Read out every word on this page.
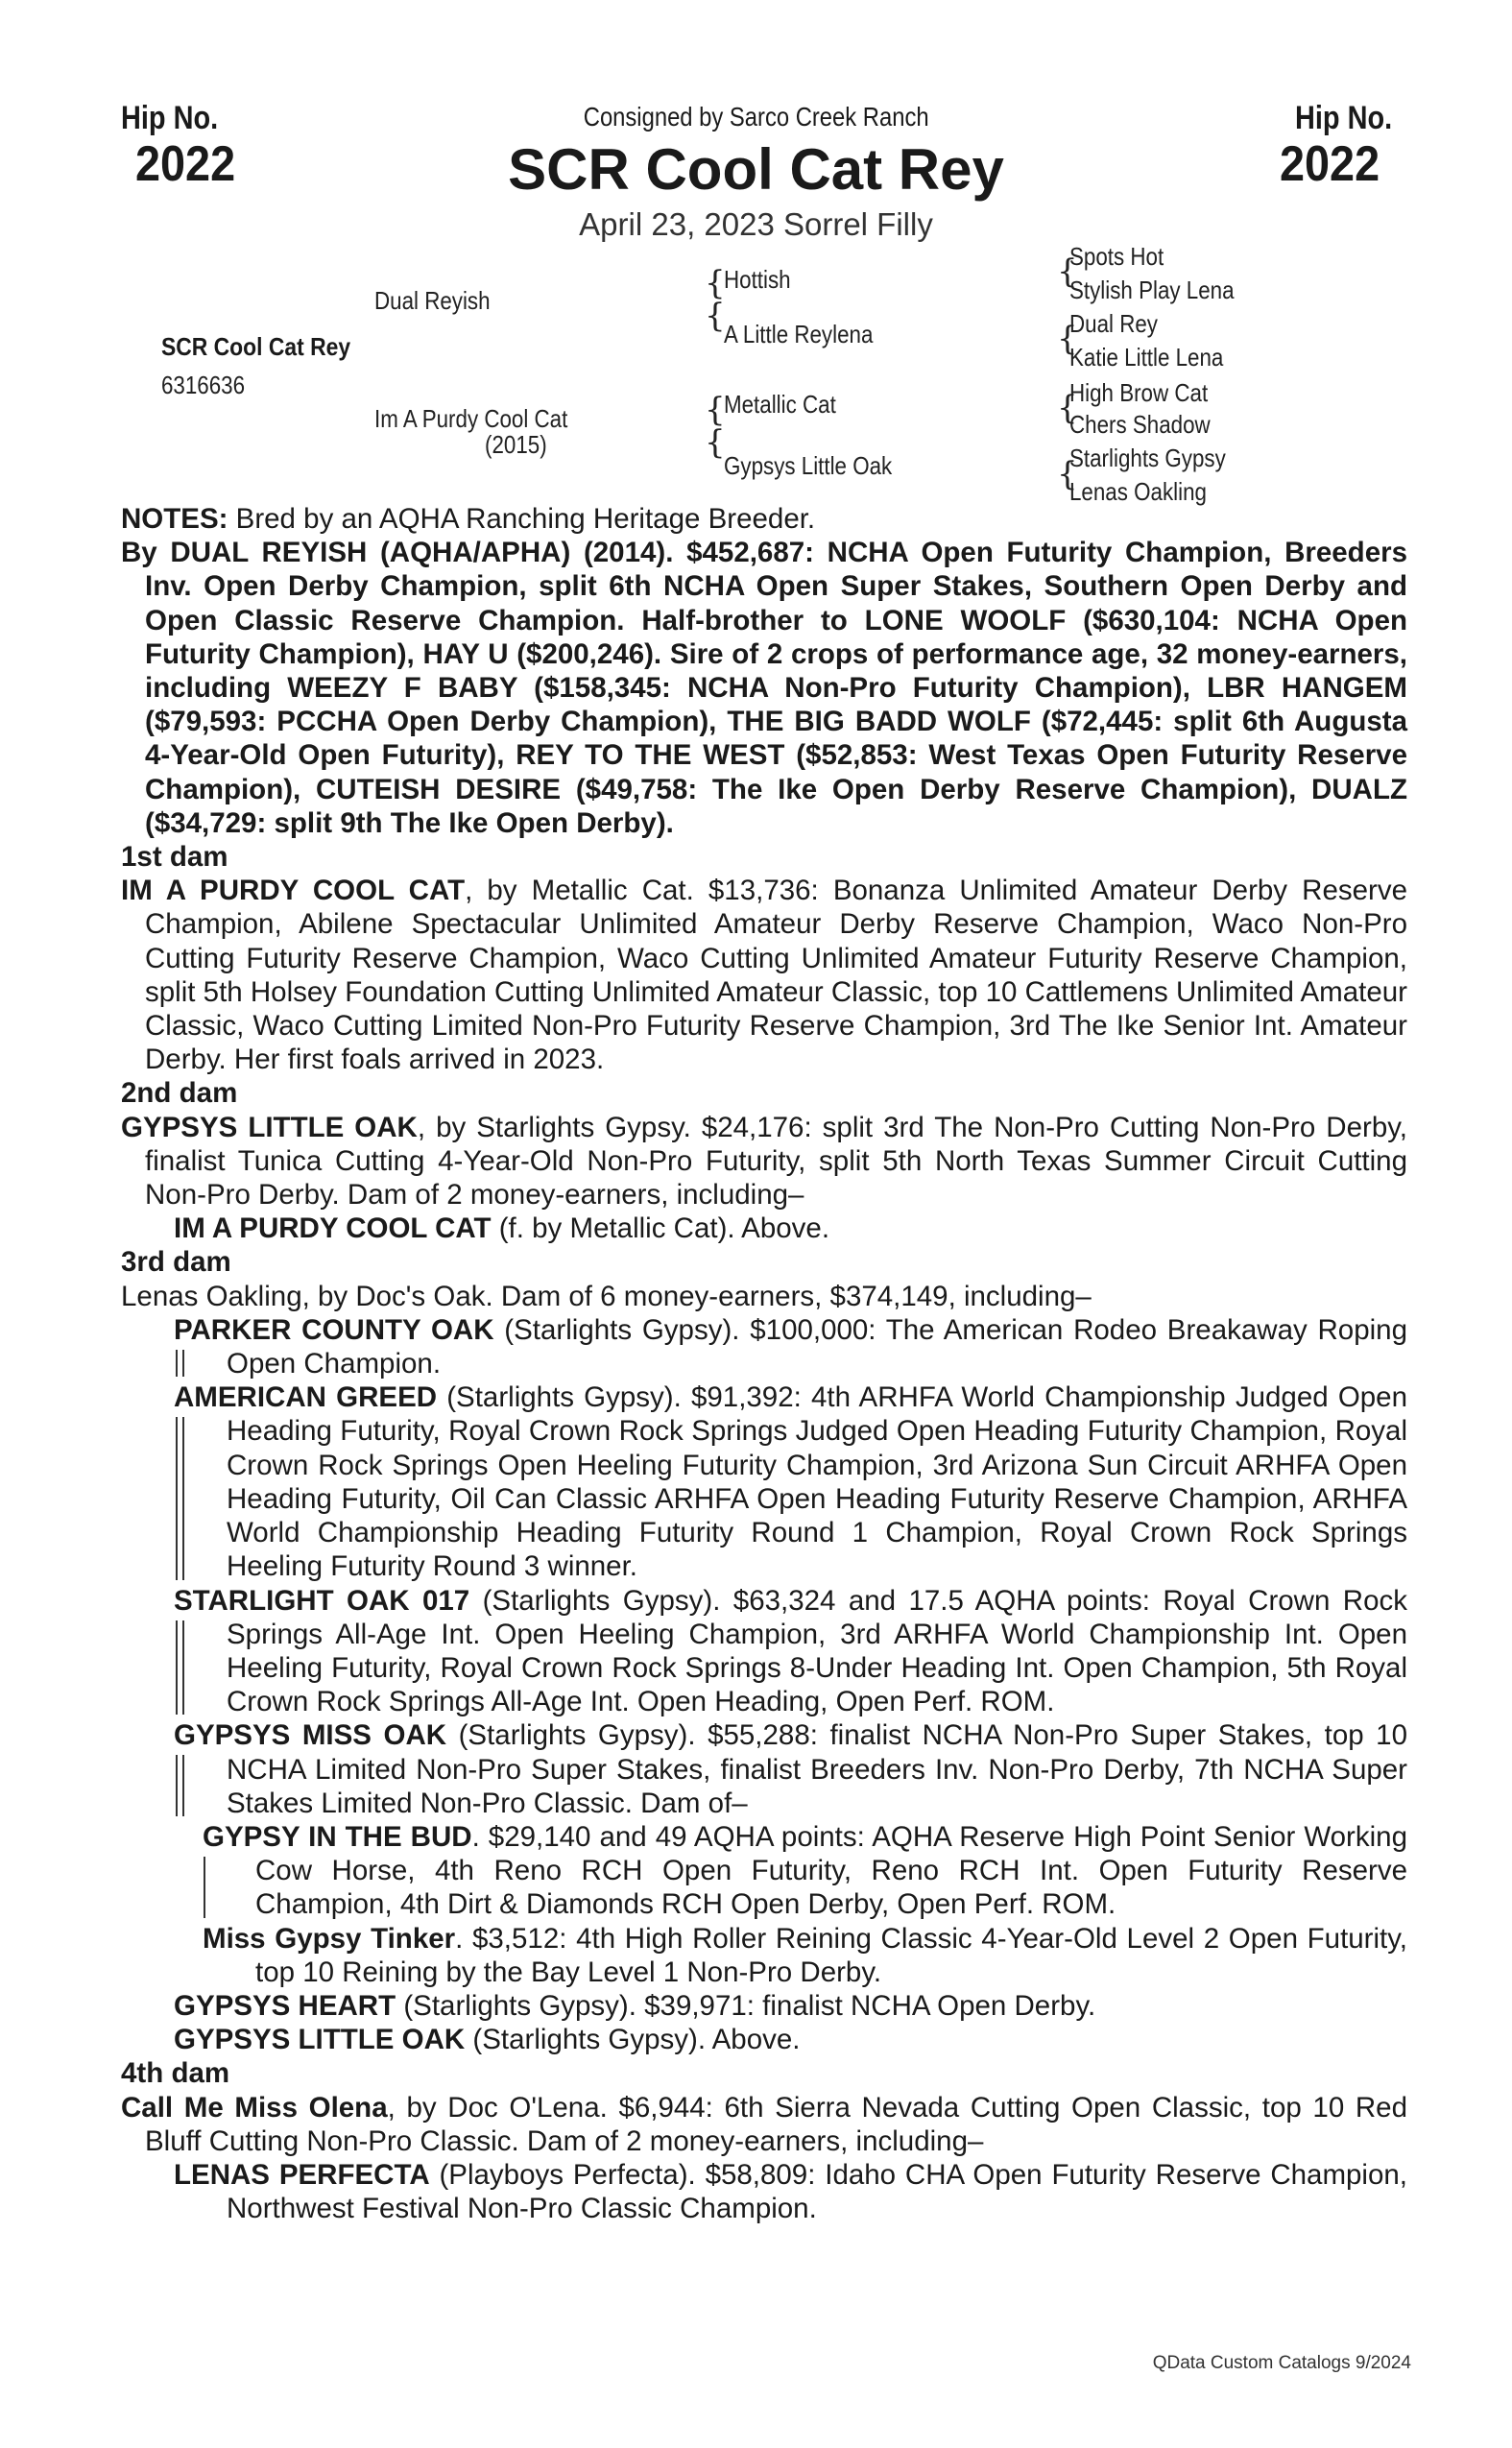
Hip No.
2022
Hip No.
2022
Consigned by Sarco Creek Ranch
SCR Cool Cat Rey
April 23, 2023 Sorrel Filly
SCR Cool Cat Rey
6316636
Dual Reyish
Im A Purdy Cool Cat
(2015)
{
{
Hottish
A Little Reylena
{
{
Metallic Cat
Gypsys Little Oak
{
Spots Hot
Stylish Play Lena
{
Dual Rey
Katie Little Lena
{
High Brow Cat
Chers Shadow
{
Starlights Gypsy
Lenas Oakling

NOTES: Bred by an AQHA Ranching Heritage Breeder.

By DUAL REYISH (AQHA/APHA) (2014). $452,687: NCHA Open Futurity Champion, Breeders Inv. Open Derby Champion, split 6th NCHA Open Super Stakes, Southern Open Derby and Open Classic Reserve Champion. Half-brother to LONE WOOLF ($630,104: NCHA Open Futurity Champion), HAY U ($200,246). Sire of 2 crops of performance age, 32 money-earners, including WEEZY F BABY ($158,345: NCHA Non-Pro Futurity Champion), LBR HANGEM ($79,593: PCCHA Open Derby Champion), THE BIG BADD WOLF ($72,445: split 6th Augusta 4-Year-Old Open Futurity), REY TO THE WEST ($52,853: West Texas Open Futurity Reserve Champion), CUTEISH DESIRE ($49,758: The Ike Open Derby Reserve Champion), DUALZ ($34,729: split 9th The Ike Open Derby).

1st dam

IM A PURDY COOL CAT, by Metallic Cat. $13,736: Bonanza Unlimited Amateur Derby Reserve Champion, Abilene Spectacular Unlimited Amateur Derby Reserve Champion, Waco Non-Pro Cutting Futurity Reserve Champion, Waco Cutting Unlimited Amateur Futurity Reserve Champion, split 5th Holsey Foundation Cutting Unlimited Amateur Classic, top 10 Cattlemens Unlimited Amateur Classic, Waco Cutting Limited Non-Pro Futurity Reserve Champion, 3rd The Ike Senior Int. Amateur Derby. Her first foals arrived in 2023.

2nd dam

GYPSYS LITTLE OAK, by Starlights Gypsy. $24,176: split 3rd The Non-Pro Cutting Non-Pro Derby, finalist Tunica Cutting 4-Year-Old Non-Pro Futurity, split 5th North Texas Summer Circuit Cutting Non-Pro Derby. Dam of 2 money-earners, including–

IM A PURDY COOL CAT (f. by Metallic Cat). Above.

3rd dam

Lenas Oakling, by Doc's Oak. Dam of 6 money-earners, $374,149, including–

PARKER COUNTY OAK (Starlights Gypsy). $100,000: The American Rodeo Breakaway Roping Open Champion.

AMERICAN GREED (Starlights Gypsy). $91,392: 4th ARHFA World Championship Judged Open Heading Futurity, Royal Crown Rock Springs Judged Open Heading Futurity Champion, Royal Crown Rock Springs Open Heeling Futurity Champion, 3rd Arizona Sun Circuit ARHFA Open Heading Futurity, Oil Can Classic ARHFA Open Heading Futurity Reserve Champion, ARHFA World Championship Heading Futurity Round 1 Champion, Royal Crown Rock Springs Heeling Futurity Round 3 winner.

STARLIGHT OAK 017 (Starlights Gypsy). $63,324 and 17.5 AQHA points: Royal Crown Rock Springs All-Age Int. Open Heeling Champion, 3rd ARHFA World Championship Int. Open Heeling Futurity, Royal Crown Rock Springs 8-Under Heading Int. Open Champion, 5th Royal Crown Rock Springs All-Age Int. Open Heading, Open Perf. ROM.

GYPSYS MISS OAK (Starlights Gypsy). $55,288: finalist NCHA Non-Pro Super Stakes, top 10 NCHA Limited Non-Pro Super Stakes, finalist Breeders Inv. Non-Pro Derby, 7th NCHA Super Stakes Limited Non-Pro Classic. Dam of–

GYPSY IN THE BUD. $29,140 and 49 AQHA points: AQHA Reserve High Point Senior Working Cow Horse, 4th Reno RCH Open Futurity, Reno RCH Int. Open Futurity Reserve Champion, 4th Dirt & Diamonds RCH Open Derby, Open Perf. ROM.

Miss Gypsy Tinker. $3,512: 4th High Roller Reining Classic 4-Year-Old Level 2 Open Futurity, top 10 Reining by the Bay Level 1 Non-Pro Derby.

GYPSYS HEART (Starlights Gypsy). $39,971: finalist NCHA Open Derby.

GYPSYS LITTLE OAK (Starlights Gypsy). Above.

4th dam

Call Me Miss Olena, by Doc O'Lena. $6,944: 6th Sierra Nevada Cutting Open Classic, top 10 Red Bluff Cutting Non-Pro Classic. Dam of 2 money-earners, including–

LENAS PERFECTA (Playboys Perfecta). $58,809: Idaho CHA Open Futurity Reserve Champion, Northwest Festival Non-Pro Classic Champion.

QData Custom Catalogs 9/2024
